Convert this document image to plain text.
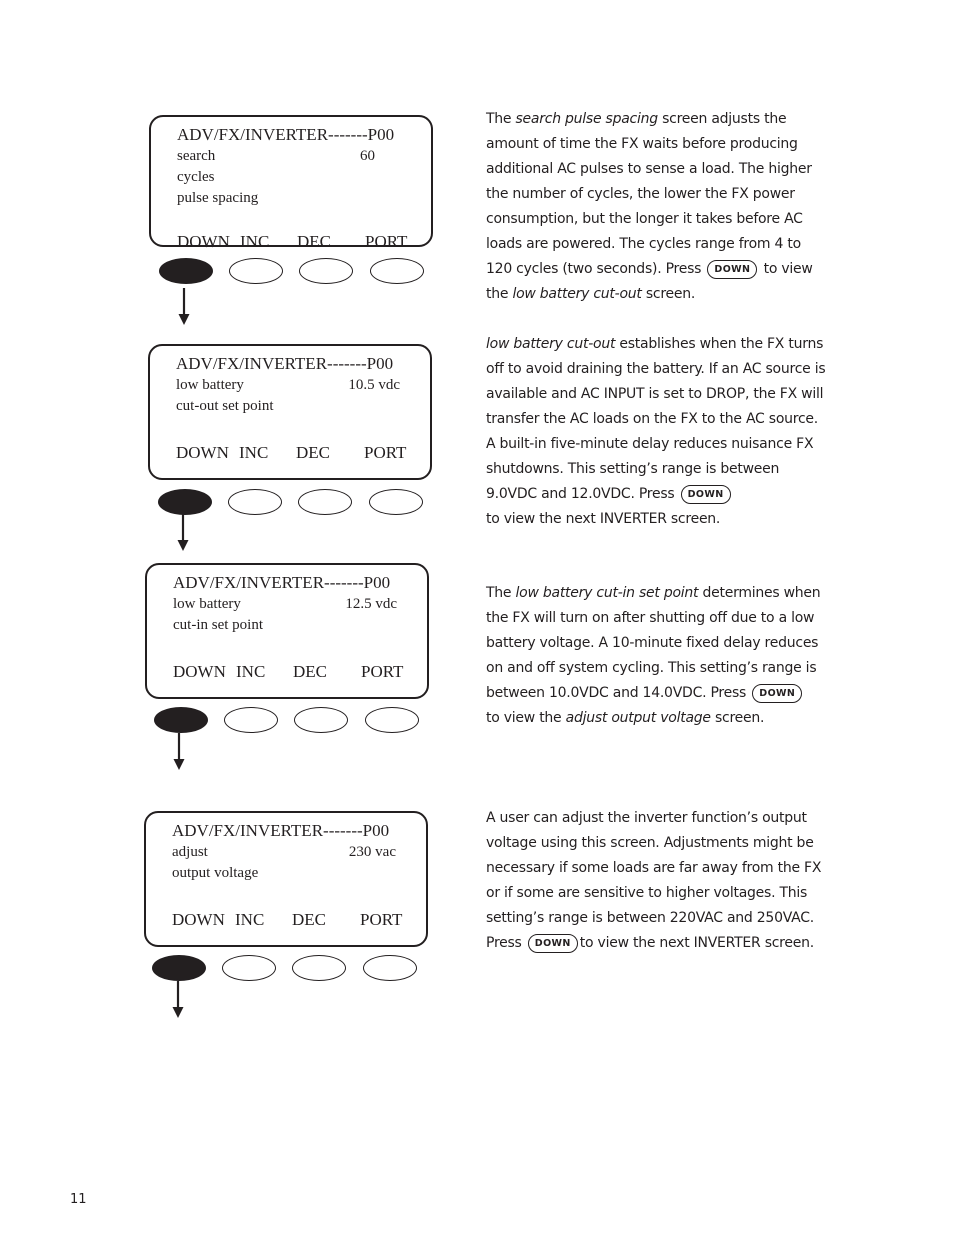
ADV/FX/INVERTER-------P00
search	60
cycles
pulse spacing
DOWN INC DEC PORT
ADV/FX/INVERTER-------P00
low battery	10.5 vdc
cut-out set point
DOWN INC DEC PORT
ADV/FX/INVERTER-------P00
low battery	12.5 vdc
cut-in set point
DOWN INC DEC PORT
ADV/FX/INVERTER-------P00
adjust	230 vac
output voltage
DOWN INC DEC PORT

The search pulse spacing screen adjusts the amount of time the FX waits before producing additional AC pulses to sense a load. The higher the number of cycles, the lower the FX power consumption, but the longer it takes before AC loads are powered. The cycles range from 4 to 120 cycles (two seconds). Press DOWN to view the low battery cut-out screen.

low battery cut-out establishes when the FX turns off to avoid draining the battery. If an AC source is available and AC INPUT is set to DROP, the FX will transfer the AC loads on the FX to the AC source. A built-in five-minute delay reduces nuisance FX shutdowns. This setting’s range is between 9.0VDC and 12.0VDC. Press DOWN
to view the next INVERTER screen.

The low battery cut-in set point determines when the FX will turn on after shutting off due to a low battery voltage. A 10-minute fixed delay reduces on and off system cycling. This setting’s range is between 10.0VDC and 14.0VDC. Press DOWN
to view the adjust output voltage screen.

A user can adjust the inverter function’s output voltage using this screen. Adjustments might be necessary if some loads are far away from the FX or if some are sensitive to higher voltages. This setting’s range is between 220VAC and 250VAC. Press DOWN to view the next INVERTER screen.

11
